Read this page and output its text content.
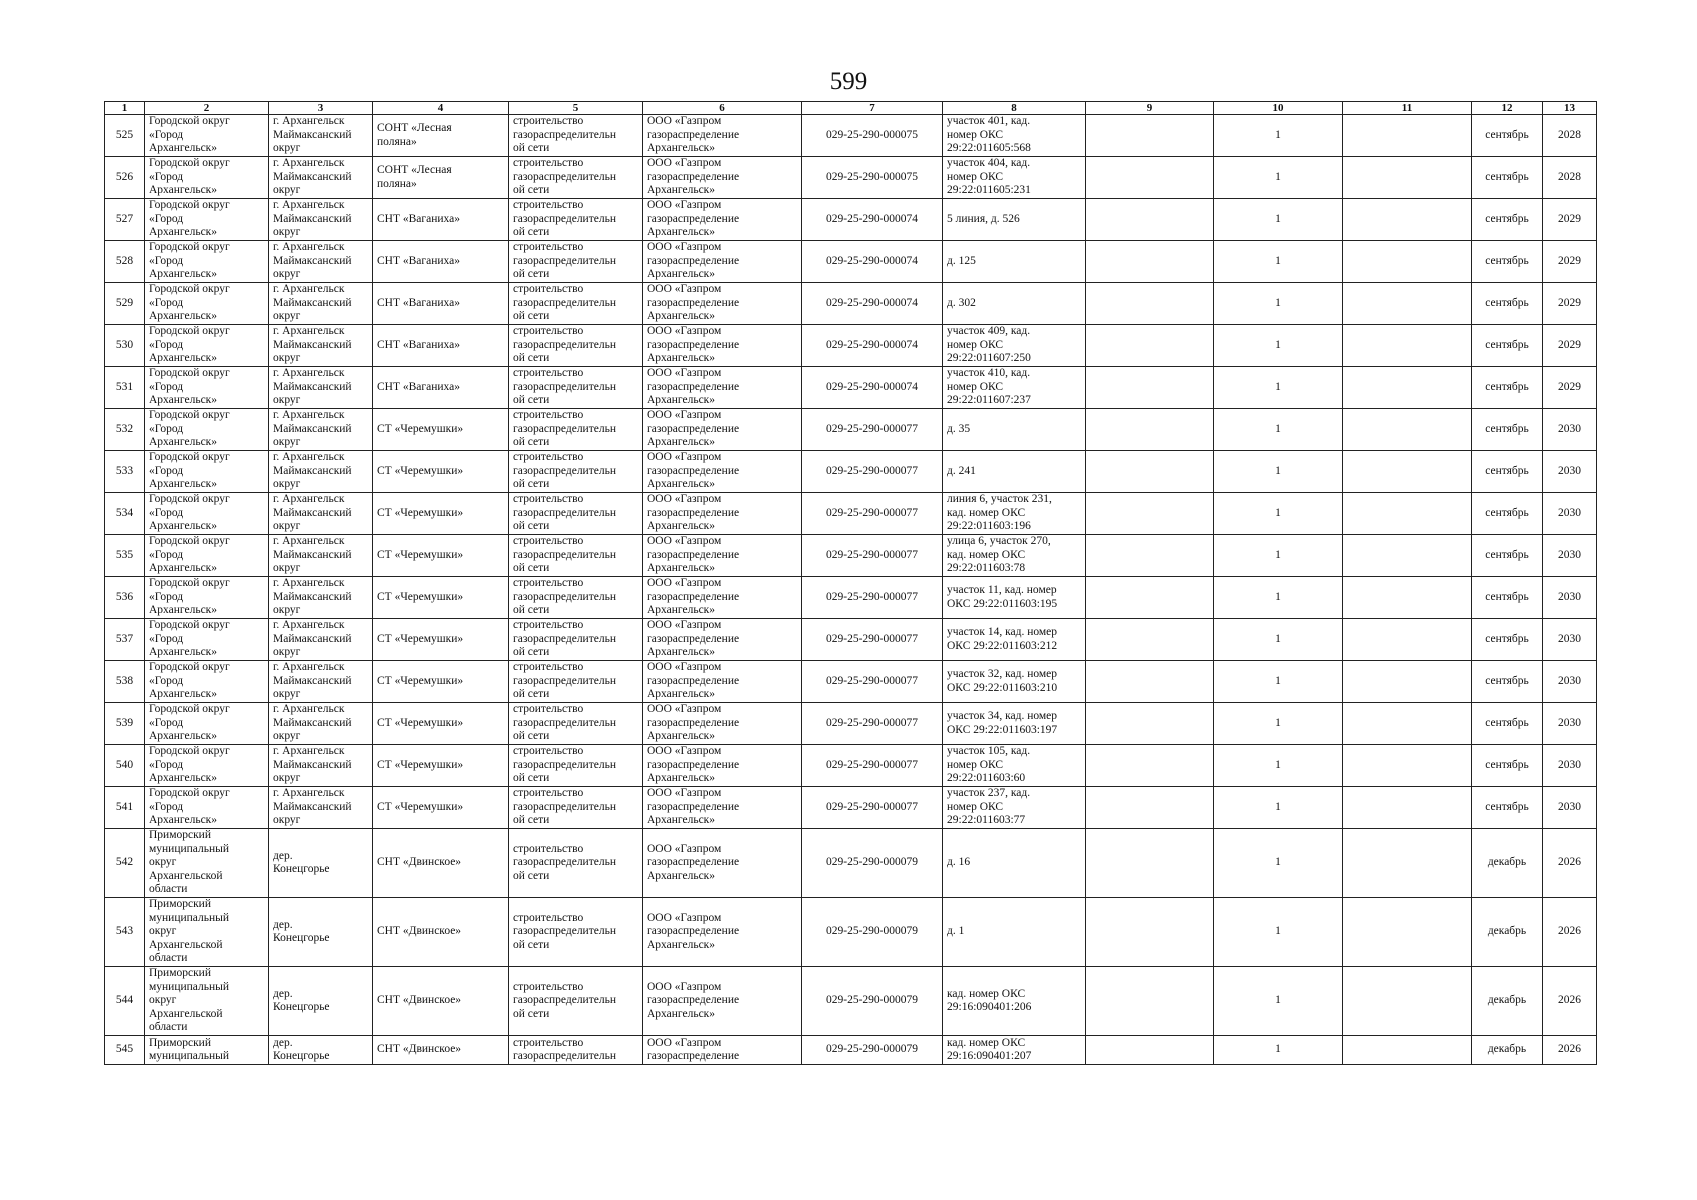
599
1	2	3	4	5	6	7	8	9	10	11	12	13

525	Городской округ
«Город
Архангельск»	г. Архангельск
Маймаксанский
округ	СОНТ «Лесная
поляна»	строительство
газораспределительн
ой сети	ООО «Газпром
газораспределение
Архангельск»	029-25-290-000075	участок 401, кад.
номер ОКС
29:22:011605:568		1		сентябрь	2028

526	Городской округ
«Город
Архангельск»	г. Архангельск
Маймаксанский
округ	СОНТ «Лесная
поляна»	строительство
газораспределительн
ой сети	ООО «Газпром
газораспределение
Архангельск»	029-25-290-000075	участок 404, кад.
номер ОКС
29:22:011605:231		1		сентябрь	2028

527	Городской округ
«Город
Архангельск»	г. Архангельск
Маймаксанский
округ	СНТ «Ваганиха»	строительство
газораспределительн
ой сети	ООО «Газпром
газораспределение
Архангельск»	029-25-290-000074	5 линия, д. 526		1		сентябрь	2029

528	Городской округ
«Город
Архангельск»	г. Архангельск
Маймаксанский
округ	СНТ «Ваганиха»	строительство
газораспределительн
ой сети	ООО «Газпром
газораспределение
Архангельск»	029-25-290-000074	д. 125		1		сентябрь	2029

529	Городской округ
«Город
Архангельск»	г. Архангельск
Маймаксанский
округ	СНТ «Ваганиха»	строительство
газораспределительн
ой сети	ООО «Газпром
газораспределение
Архангельск»	029-25-290-000074	д. 302		1		сентябрь	2029

530	Городской округ
«Город
Архангельск»	г. Архангельск
Маймаксанский
округ	СНТ «Ваганиха»	строительство
газораспределительн
ой сети	ООО «Газпром
газораспределение
Архангельск»	029-25-290-000074	участок 409, кад.
номер ОКС
29:22:011607:250		1		сентябрь	2029

531	Городской округ
«Город
Архангельск»	г. Архангельск
Маймаксанский
округ	СНТ «Ваганиха»	строительство
газораспределительн
ой сети	ООО «Газпром
газораспределение
Архангельск»	029-25-290-000074	участок 410, кад.
номер ОКС
29:22:011607:237		1		сентябрь	2029

532	Городской округ
«Город
Архангельск»	г. Архангельск
Маймаксанский
округ	СТ «Черемушки»	строительство
газораспределительн
ой сети	ООО «Газпром
газораспределение
Архангельск»	029-25-290-000077	д. 35		1		сентябрь	2030

533	Городской округ
«Город
Архангельск»	г. Архангельск
Маймаксанский
округ	СТ «Черемушки»	строительство
газораспределительн
ой сети	ООО «Газпром
газораспределение
Архангельск»	029-25-290-000077	д. 241		1		сентябрь	2030

534	Городской округ
«Город
Архангельск»	г. Архангельск
Маймаксанский
округ	СТ «Черемушки»	строительство
газораспределительн
ой сети	ООО «Газпром
газораспределение
Архангельск»	029-25-290-000077	линия 6, участок 231,
кад. номер ОКС
29:22:011603:196		1		сентябрь	2030

535	Городской округ
«Город
Архангельск»	г. Архангельск
Маймаксанский
округ	СТ «Черемушки»	строительство
газораспределительн
ой сети	ООО «Газпром
газораспределение
Архангельск»	029-25-290-000077	улица 6, участок 270,
кад. номер ОКС
29:22:011603:78		1		сентябрь	2030

536	Городской округ
«Город
Архангельск»	г. Архангельск
Маймаксанский
округ	СТ «Черемушки»	строительство
газораспределительн
ой сети	ООО «Газпром
газораспределение
Архангельск»	029-25-290-000077	участок 11, кад. номер
ОКС 29:22:011603:195		1		сентябрь	2030

537	Городской округ
«Город
Архангельск»	г. Архангельск
Маймаксанский
округ	СТ «Черемушки»	строительство
газораспределительн
ой сети	ООО «Газпром
газораспределение
Архангельск»	029-25-290-000077	участок 14, кад. номер
ОКС 29:22:011603:212		1		сентябрь	2030

538	Городской округ
«Город
Архангельск»	г. Архангельск
Маймаксанский
округ	СТ «Черемушки»	строительство
газораспределительн
ой сети	ООО «Газпром
газораспределение
Архангельск»	029-25-290-000077	участок 32, кад. номер
ОКС 29:22:011603:210		1		сентябрь	2030

539	Городской округ
«Город
Архангельск»	г. Архангельск
Маймаксанский
округ	СТ «Черемушки»	строительство
газораспределительн
ой сети	ООО «Газпром
газораспределение
Архангельск»	029-25-290-000077	участок 34, кад. номер
ОКС 29:22:011603:197		1		сентябрь	2030

540	Городской округ
«Город
Архангельск»	г. Архангельск
Маймаксанский
округ	СТ «Черемушки»	строительство
газораспределительн
ой сети	ООО «Газпром
газораспределение
Архангельск»	029-25-290-000077	участок 105, кад.
номер ОКС
29:22:011603:60		1		сентябрь	2030

541	Городской округ
«Город
Архангельск»	г. Архангельск
Маймаксанский
округ	СТ «Черемушки»	строительство
газораспределительн
ой сети	ООО «Газпром
газораспределение
Архангельск»	029-25-290-000077	участок 237, кад.
номер ОКС
29:22:011603:77		1		сентябрь	2030

542	Приморский
муниципальный
округ
Архангельской
области	дер.
Конецгорье	СНТ «Двинское»	строительство
газораспределительн
ой сети	ООО «Газпром
газораспределение
Архангельск»	029-25-290-000079	д. 16		1		декабрь	2026

543	Приморский
муниципальный
округ
Архангельской
области	дер.
Конецгорье	СНТ «Двинское»	строительство
газораспределительн
ой сети	ООО «Газпром
газораспределение
Архангельск»	029-25-290-000079	д. 1		1		декабрь	2026

544	Приморский
муниципальный
округ
Архангельской
области	дер.
Конецгорье	СНТ «Двинское»	строительство
газораспределительн
ой сети	ООО «Газпром
газораспределение
Архангельск»	029-25-290-000079	кад. номер ОКС
29:16:090401:206		1		декабрь	2026

545	Приморский
муниципальный	дер.
Конецгорье	СНТ «Двинское»	строительство
газораспределительн	ООО «Газпром
газораспределение	029-25-290-000079	кад. номер ОКС
29:16:090401:207		1		декабрь	2026
